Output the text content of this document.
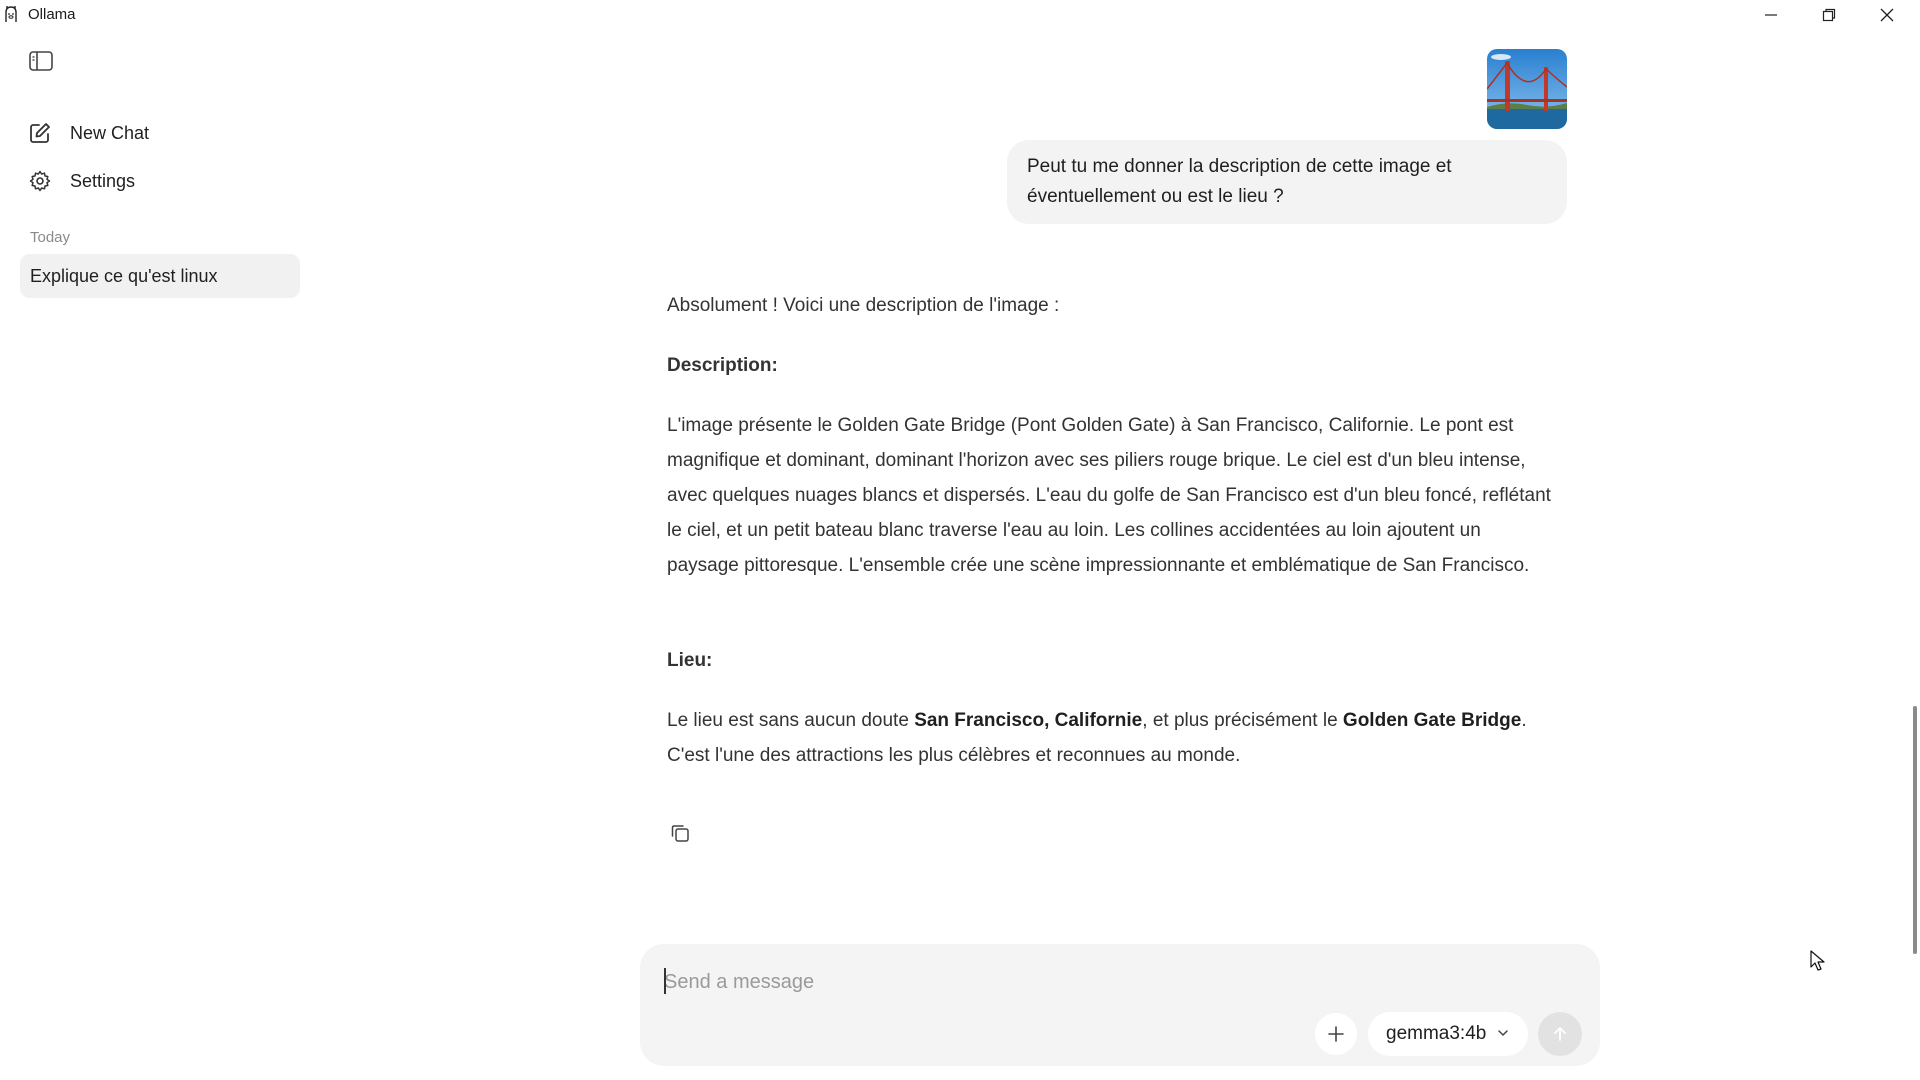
Ollama
New Chat
Settings
Today
Explique ce qu'est linux
Peut tu me donner la description de cette image et éventuellement ou est le lieu ?

Absolument ! Voici une description de l'image :

Description:

L'image présente le Golden Gate Bridge (Pont Golden Gate) à San Francisco, Californie. Le pont est magnifique et dominant, dominant l'horizon avec ses piliers rouge brique. Le ciel est d'un bleu intense, avec quelques nuages blancs et dispersés. L'eau du golfe de San Francisco est d'un bleu foncé, reflétant le ciel, et un petit bateau blanc traverse l'eau au loin. Les collines accidentées au loin ajoutent un paysage pittoresque. L'ensemble crée une scène impressionnante et emblématique de San Francisco.

Lieu:

Le lieu est sans aucun doute San Francisco, Californie, et plus précisément le Golden Gate Bridge. C'est l'une des attractions les plus célèbres et reconnues au monde.

Send a message
gemma3:4b
